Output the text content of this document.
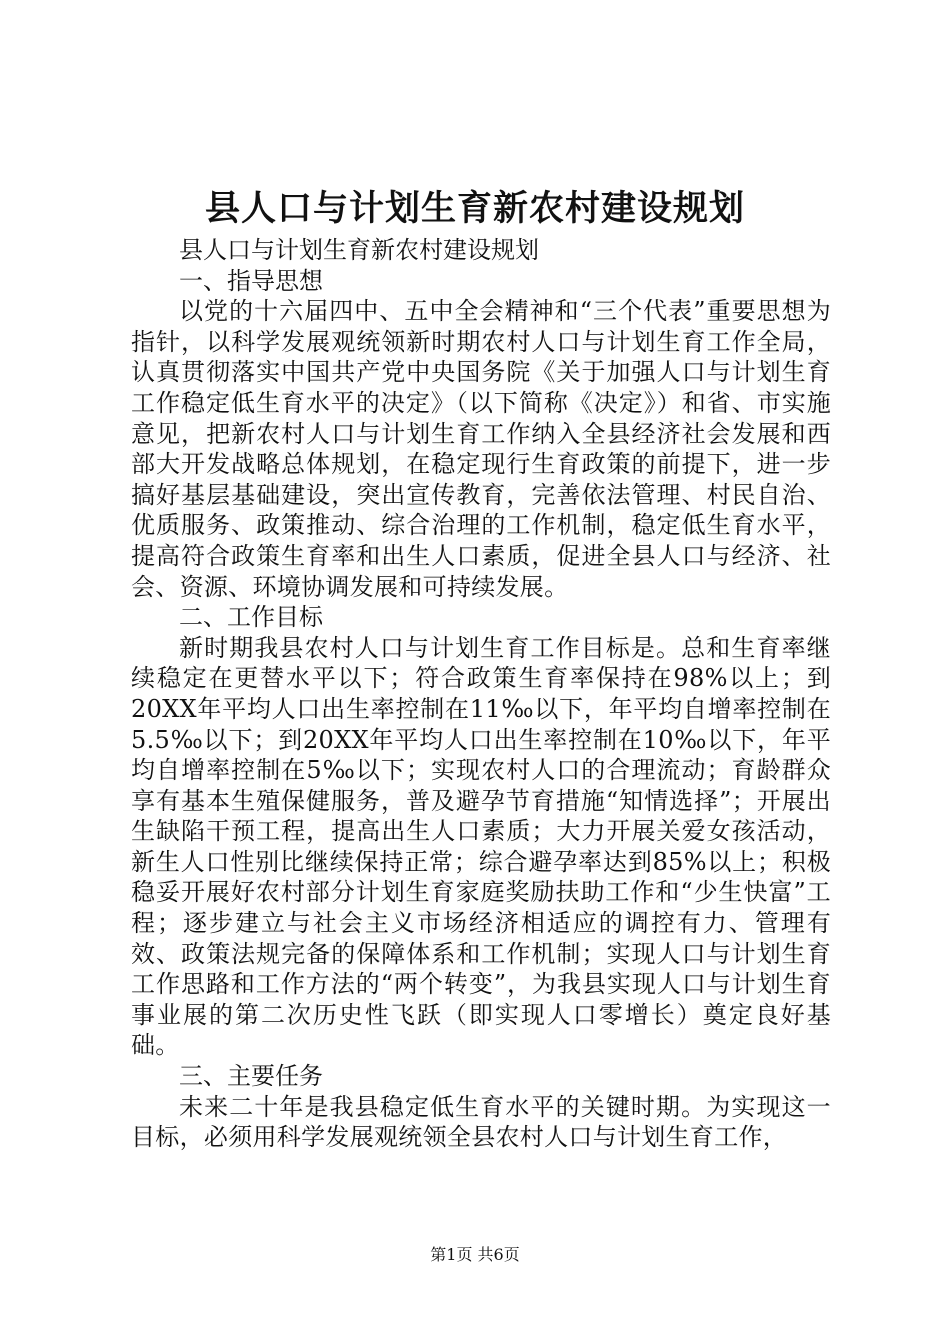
县人口与计划生育新农村建设规划

县人口与计划生育新农村建设规划

一、指导思想

以党的十六届四中、五中全会精神和“三个代表”重要思想为指针，以科学发展观统领新时期农村人口与计划生育工作全局，认真贯彻落实中国共产党中央国务院《关于加强人口与计划生育工作稳定低生育水平的决定》（以下简称《决定》）和省、市实施意见，把新农村人口与计划生育工作纳入全县经济社会发展和西部大开发战略总体规划，在稳定现行生育政策的前提下，进一步搞好基层基础建设，突出宣传教育，完善依法管理、村民自治、优质服务、政策推动、综合治理的工作机制，稳定低生育水平，提高符合政策生育率和出生人口素质，促进全县人口与经济、社会、资源、环境协调发展和可持续发展。

二、工作目标

新时期我县农村人口与计划生育工作目标是。总和生育率继续稳定在更替水平以下；符合政策生育率保持在98%以上；到20XX年平均人口出生率控制在11‰以下，年平均自增率控制在5.5‰以下；到20XX年平均人口出生率控制在10‰以下，年平均自增率控制在5‰以下；实现农村人口的合理流动；育龄群众享有基本生殖保健服务，普及避孕节育措施“知情选择”；开展出生缺陷干预工程，提高出生人口素质；大力开展关爱女孩活动，新生人口性别比继续保持正常；综合避孕率达到85%以上；积极稳妥开展好农村部分计划生育家庭奖励扶助工作和“少生快富”工程；逐步建立与社会主义市场经济相适应的调控有力、管理有效、政策法规完备的保障体系和工作机制；实现人口与计划生育工作思路和工作方法的“两个转变”，为我县实现人口与计划生育事业展的第二次历史性飞跃（即实现人口零增长）奠定良好基础。

三、主要任务

未来二十年是我县稳定低生育水平的关键时期。为实现这一目标，必须用科学发展观统领全县农村人口与计划生育工作，

第1页 共6页
